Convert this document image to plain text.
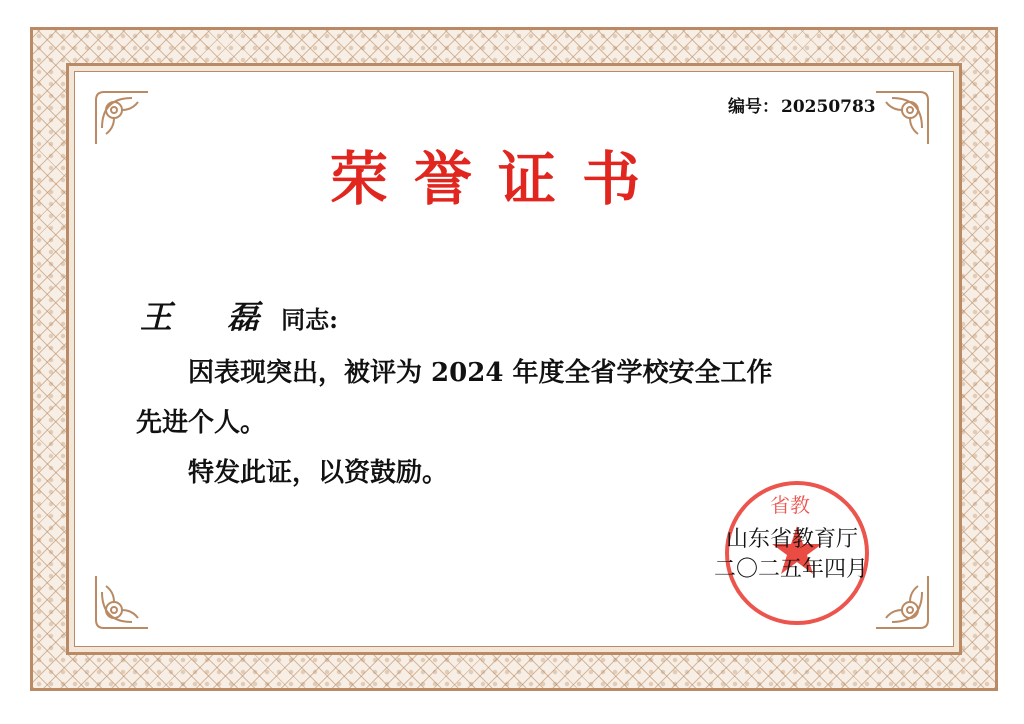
编号： 20250783
荣誉证书
王 磊同志:
因表现突出，被评为 2024 年度全省学校安全工作
先进个人。
特发此证，以资鼓励。
省教
山东省教育厅
二〇二五年四月
